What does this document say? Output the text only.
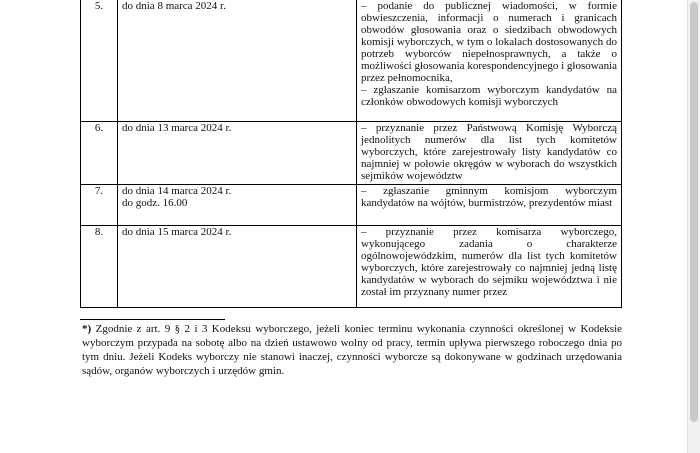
5.	do dnia 8 marca 2024 r.	– podanie do publicznej wiadomości, w formie obwieszczenia, informacji o numerach i granicach obwodów głosowania oraz o siedzibach obwodowych komisji wyborczych, w tym o lokalach dostosowanych do potrzeb wyborców niepełnosprawnych, a także o możliwości głosowania korespondencyjnego i głosowania przez pełnomocnika,
– zgłaszanie komisarzom wyborczym kandydatów na członków obwodowych komisji wyborczych

6.	do dnia 13 marca 2024 r.	– przyznanie przez Państwową Komisję Wyborczą jednolitych numerów dla list tych komitetów wyborczych, które zarejestrowały listy kandydatów co najmniej w połowie okręgów w wyborach do wszystkich sejmików województw

7.	do dnia 14 marca 2024 r.
do godz. 16.00	– zgłaszanie gminnym komisjom wyborczym kandydatów na wójtów, burmistrzów, prezydentów miast

8.	do dnia 15 marca 2024 r.	– przyznanie przez komisarza wyborczego, wykonującego zadania o charakterze ogólnowojewódzkim, numerów dla list tych komitetów wyborczych, które zarejestrowały co najmniej jedną listę kandydatów w wyborach do sejmiku województwa i nie został im przyznany numer przez
*) Zgodnie z art. 9 § 2 i 3 Kodeksu wyborczego, jeżeli koniec terminu wykonania czynności określonej w Kodeksie wyborczym przypada na sobotę albo na dzień ustawowo wolny od pracy, termin upływa pierwszego roboczego dnia po tym dniu. Jeżeli Kodeks wyborczy nie stanowi inaczej, czynności wyborcze są dokonywane w godzinach urzędowania sądów, organów wyborczych i urzędów gmin.
